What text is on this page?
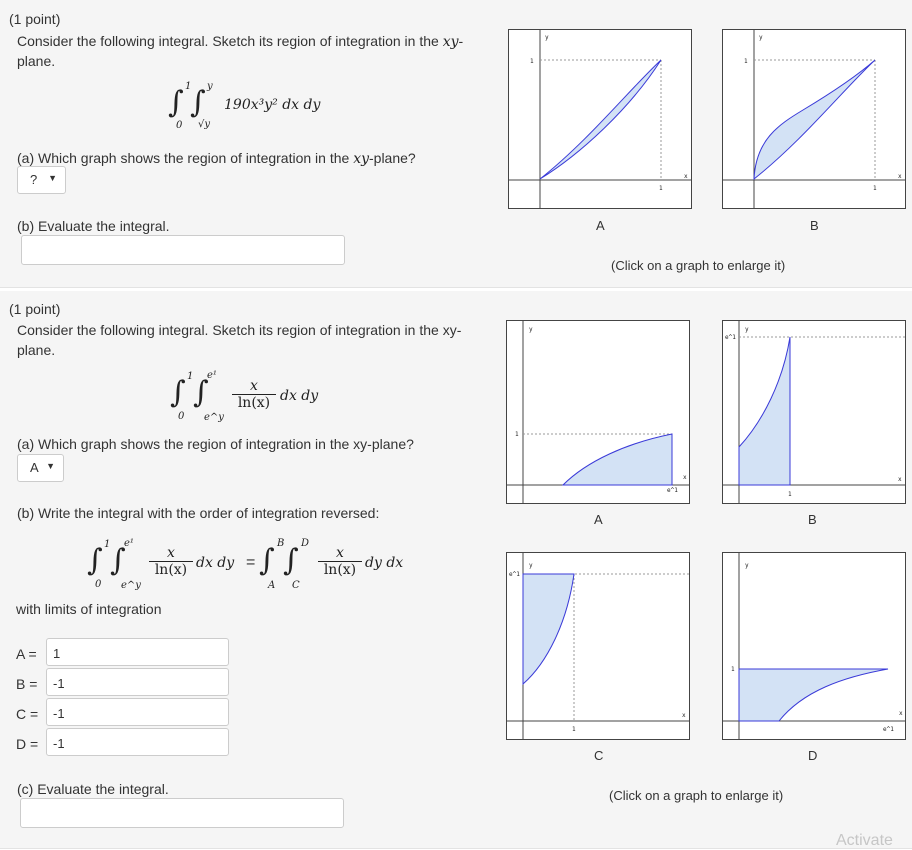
(1 point)
Consider the following integral. Sketch its region of integration in the xy-
plane.
∫ 1
0
∫ y
√y
190x³y² dx dy
(a) Which graph shows the region of integration in the xy-plane?
? ▼
(b) Evaluate the integral.
y
1
1
x
A
y
1
1
x
B
(Click on a graph to enlarge it)
(1 point)
Consider the following integral. Sketch its region of integration in the xy-
plane.
∫ 1
0
∫
e¹
e^y
$\frac{x}{\ln(x)}$ dx dy
(a) Which graph shows the region of integration in the xy-plane?
A ▼
(b) Write the integral with the order of integration reversed:
∫ 1
0
∫
e¹
e^y
$\frac{x}{\ln(x)}$ dx dy = ∫ B
A
∫ D
C
$\frac{x}{\ln(x)}$ dy dx
with limits of integration
A =	1
B =	-1
C =	-1
D =	-1
(c) Evaluate the integral.
y
1
e^1
x
A
y
e^1
1
x
B
y
e^1
1
x
C
y
1
e^1
x
D
(Click on a graph to enlarge it)
Activate
